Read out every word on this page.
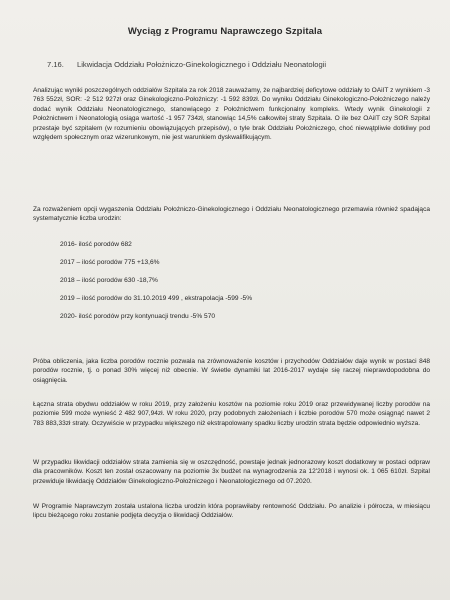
Wyciąg z Programu Naprawczego Szpitala
7.16. Likwidacja Oddziału Położniczo-Ginekologicznego i Oddziału Neonatologii
Analizując wyniki poszczególnych oddziałów Szpitala za rok 2018 zauważamy, że najbardziej deficytowe oddziały to OAiIT z wynikiem -3 763 552zł, SOR: -2 512 927zł oraz Ginekologiczno-Położniczy: -1 592 839zł. Do wyniku Oddziału Ginekologiczno-Położniczego należy dodać wynik Oddziału Neonatologicznego, stanowiącego z Położnictwem funkcjonalny kompleks. Wtedy wynik Ginekologii z Położnictwem i Neonatologią osiąga wartość -1 957 734zł, stanowiąc 14,5% całkowitej straty Szpitala. O ile bez OAiIT czy SOR Szpital przestaje być szpitalem (w rozumieniu obowiązujących przepisów), o tyle brak Oddziału Położniczego, choć niewątpliwie dotkliwy pod względem społecznym oraz wizerunkowym, nie jest warunkiem dyskwalifikującym.
Za rozważeniem opcji wygaszenia Oddziału Położniczo-Ginekologicznego i Oddziału Neonatologicznego przemawia również spadająca systematycznie liczba urodzin:
2016- ilość porodów 682
2017 – ilość porodów 775 +13,6%
2018 – ilość porodów 630 -18,7%
2019 – ilość porodów do 31.10.2019 499 , ekstrapolacja -599 -5%
2020- ilość porodów przy kontynuacji trendu -5% 570
Próba obliczenia, jaka liczba porodów rocznie pozwala na zrównoważenie kosztów i przychodów Oddziałów daje wynik w postaci 848 porodów rocznie, tj. o ponad 30% więcej niż obecnie. W świetle dynamiki lat 2016-2017 wydaje się raczej nieprawdopodobna do osiągnięcia.
Łączna strata obydwu oddziałów w roku 2019, przy założeniu kosztów na poziomie roku 2019 oraz przewidywanej liczby porodów na poziomie 599 może wynieść 2 482 907,94zł. W roku 2020, przy podobnych założeniach i liczbie porodów 570 może osiągnąć nawet 2 783 883,33zł straty. Oczywiście w przypadku większego niż ekstrapolowany spadku liczby urodzin strata będzie odpowiednio wyższa.
W przypadku likwidacji oddziałów strata zamienia się w oszczędność, powstaje jednak jednorazowy koszt dodatkowy w postaci odpraw dla pracowników. Koszt ten został oszacowany na poziomie 3x budżet na wynagrodzenia za 12'2018 i wynosi ok. 1 065 610zł. Szpital przewiduje likwidację Oddziałów Ginekologiczno-Położniczego i Neonatologicznego od 07.2020.
W Programie Naprawczym została ustalona liczba urodzin która poprawiłaby rentowność Oddziału. Po analizie i półrocza, w miesiącu lipcu bieżącego roku zostanie podjęta decyzja o likwidacji Oddziałów.
